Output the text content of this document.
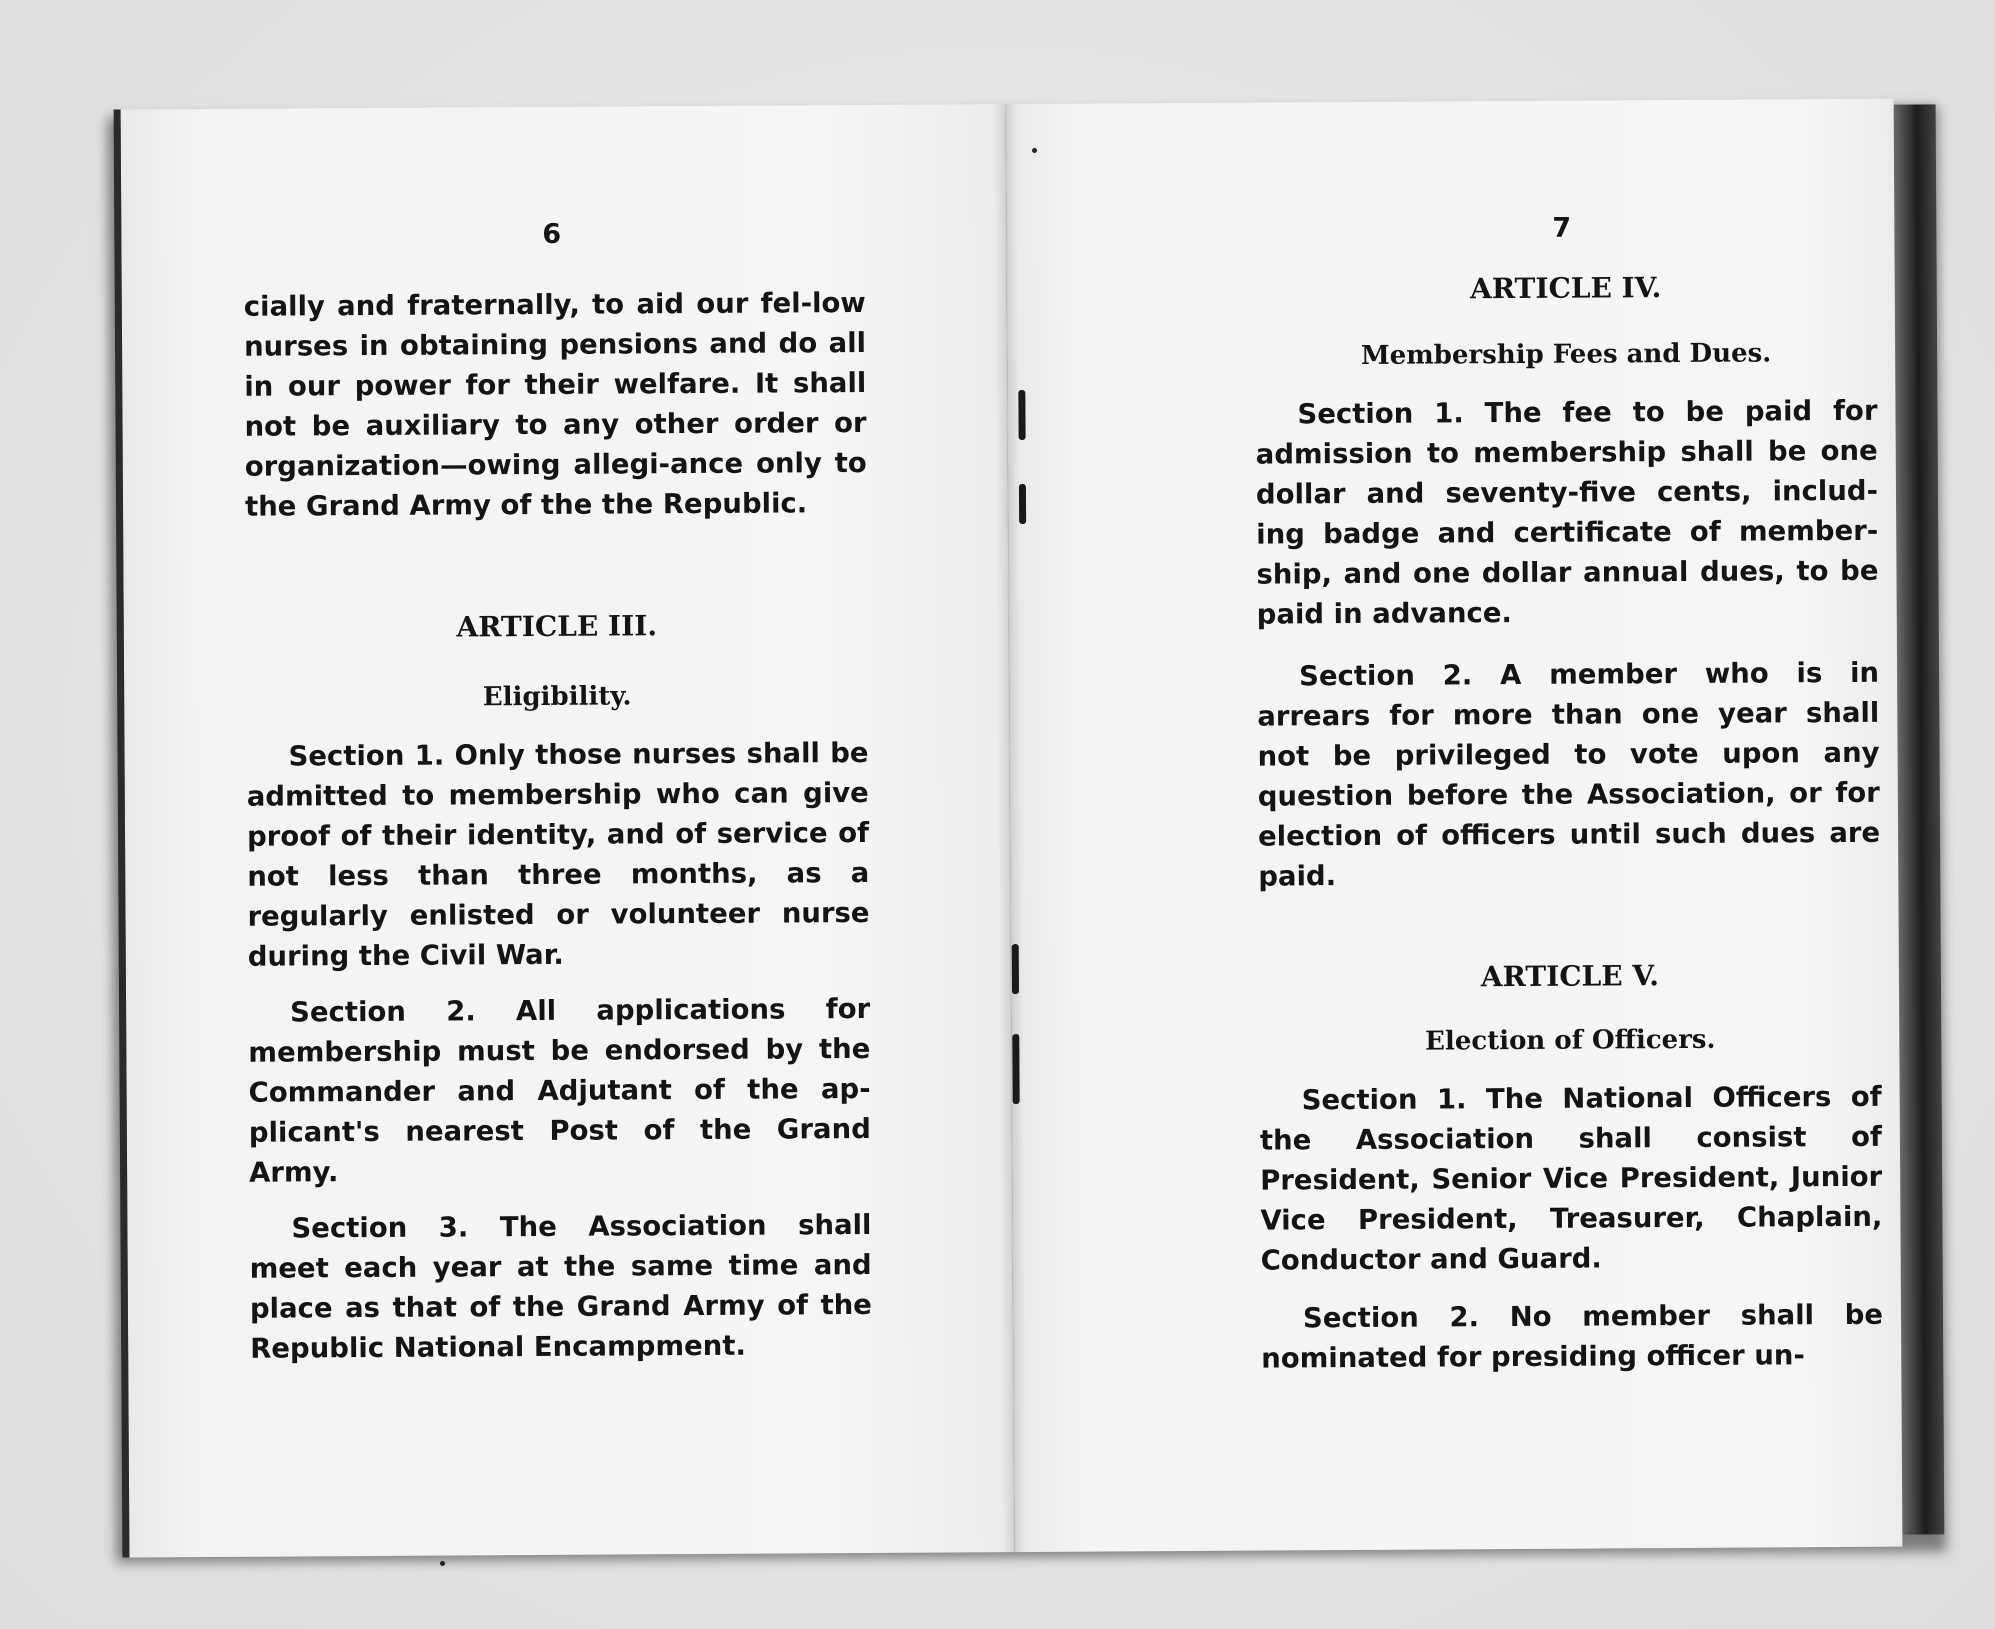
6

cially and fraternally, to aid our fel-low nurses in obtaining pensions and do all in our power for their welfare. It shall not be auxiliary to any other order or organization—owing allegi-ance only to the Grand Army of the the Republic.

ARTICLE III.

Eligibility.

Section 1. Only those nurses shall be admitted to membership who can give proof of their identity, and of service of not less than three months, as a regularly enlisted or volunteer nurse during the Civil War.

Section 2. All applications for membership must be endorsed by the Commander and Adjutant of the ap-plicant's nearest Post of the Grand Army.

Section 3. The Association shall meet each year at the same time and place as that of the Grand Army of the Republic National Encampment.

7

ARTICLE IV.

Membership Fees and Dues.

Section 1. The fee to be paid for admission to membership shall be one dollar and seventy-five cents, includ-ing badge and certificate of member-ship, and one dollar annual dues, to be paid in advance.

Section 2. A member who is in arrears for more than one year shall not be privileged to vote upon any question before the Association, or for election of officers until such dues are paid.

ARTICLE V.

Election of Officers.

Section 1. The National Officers of the Association shall consist of President, Senior Vice President, Junior Vice President, Treasurer, Chaplain, Conductor and Guard.

Section 2. No member shall be nominated for presiding officer un-
